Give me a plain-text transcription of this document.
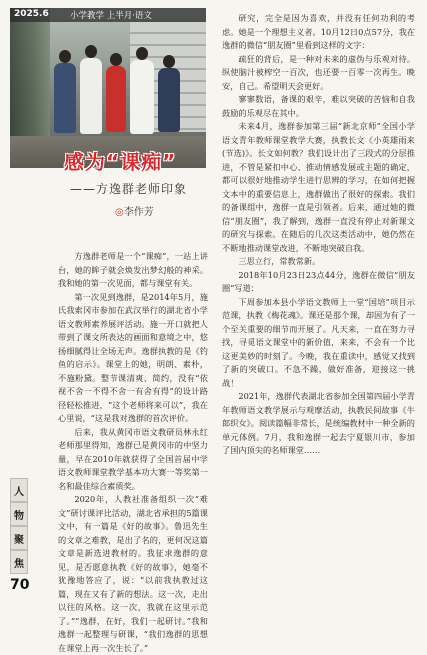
2025.6	小学教学 上半月·语文
感为“课痴”
——方逸群老师印象
◎李作芳

方逸群老师是一个“课痴”，一站上讲台，她的眸子就会焕发出梦幻般的神采。我和她的第一次见面，都与课堂有关。

第一次见到逸群，是2014年5月，施氏我索冈市参加在武汉举行的湖北省小学语文教师素养展评活动。施一开口就把人带到了课文所表达的画面和意境之中，悠扬细腻得让全场无声。逸群执教的是《钓鱼的启示》。课堂上的她，明朗、素朴，不施粉黛。整节课清爽、简约，没有“依视不舍一不得不舍一有舍有得”的设计路径轻松推进，“这个老师将来可以”，我在心里说，“这是我对逸群的首次评价。

后来，我从黄冈市语文教研员林永红老师那里得知，逸群已是黄冈市的中坚力量，早在2010年就获得了全国首届中学语文教师课堂教学基本功大赛一等奖第一名和最佳综合素质奖。

2020年，人教社准备组织一次“难文”研讨课评比活动，湖北省承担的5篇课文中，有一篇是《好的故事》。鲁迅先生的文章之难教，是出了名的，更何况这篇文章是新选进教材的。我征求逸群的意见，是否愿意执教《好的故事》，她毫不犹豫地答应了，说：“以前我执教过这篇，现在又有了新的想法。这一次，走出以往的风格。这一次，我就在这里示范了。”“逸群，在好，我们一起研讨。”我和逸群一起整理与研课，“我们逸群的思想在课堂上再一次生长了。”

研究，完全是因为喜欢，并没有任何功利的考虑。她是一个理想主义者。10月12日0点57分，我在逸群的微信“朋友圈”里看到这样的文字：

疏狂的背后，是一种对未来的虚伪与乐观对待。纵使脑汁被榨空一百次，也还要一百零一次再生。晚安，自己。希望明天会更好。

寥寥数语，备课的艰辛，难以突破的苦恼和自我鼓励的乐观尽在其中。

未来4月，逸群参加第三届“新北京师”全国小学语文青年教师课堂教学大赛，执教长文《小英雄雨来(节选)》。长文如何教？我们设计出了三段式的分层推进，不管是紧扣中心、推动情感发展或主题的确定，都可以很好地推动学生进行思辨的学习，在如何把握文本中的重要信息上，逸群做出了很好的探索。我们的备课组中，逸群一直是引领者。后来，通过她的微信“朋友圈”，我了解到，逸群一直没有停止对新课文的研究与探索。在随后的几次这类活动中，她仍然在不断地推动课堂改进，不断地突破自我。

三思立行，常教常新。

2018年10月23日23点44分，逸群在微信“朋友圈”写道：

下周参加本县小学语文教师上一堂“国培”项目示范课，执教《梅花魂》。课还是那个课，却因为有了一个至关重要的细节而开展了。凡天来，一直在努力寻找，寻觅语文课堂中的新价值，来来，不会有一个比这更美妙的时刻了。今晚，我在重读中，感觉又找到了新的突破口。不急不躁，做好准备，迎接这一挑战！

2021年，逸群代表湖北省参加全国第四届小学青年教师语文教学展示与观摩活动，执教民间故事《牛郎织女》。阅读篇幅非常长，是统编教材中一种全新的单元体例。7月，我和逸群一起去宁夏银川市，参加了国内顶尖的名师课堂……

人
物
聚
焦
70
